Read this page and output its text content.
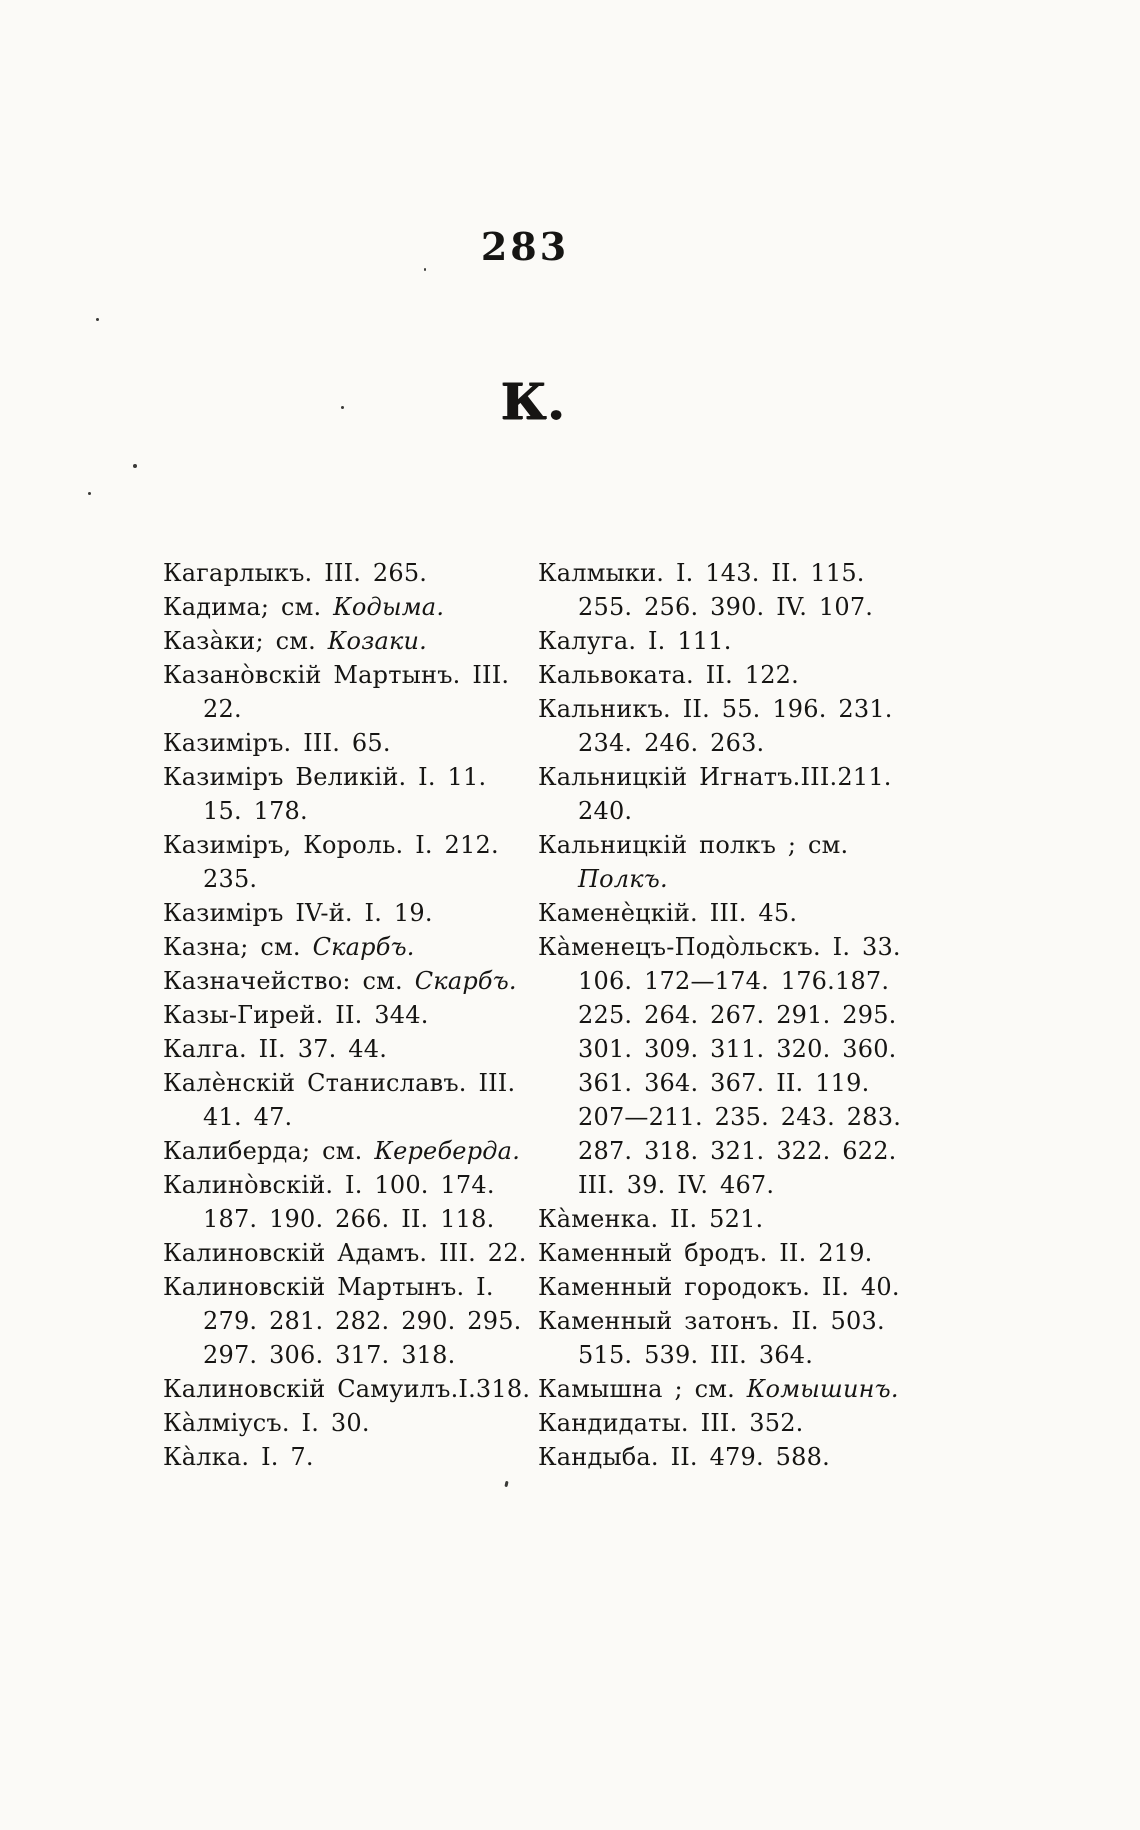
283
К.
Кагарлыкъ. III. 265.
Кадима; см. Кодыма.
Каза̀ки; см. Козаки.
Казано̀вскій Мартынъ. III.
22.
Казиміръ. III. 65.
Казиміръ Великій. I. 11.
15. 178.
Казиміръ, Король. I. 212.
235.
Казиміръ IV-й. I. 19.
Казна; см. Скарбъ.
Казначейство: см. Скарбъ.
Казы-Гирей. II. 344.
Калга. II. 37. 44.
Калѐнскій Станиславъ. III.
41. 47.
Калиберда; см. Кереберда.
Калино̀вскій. I. 100. 174.
187. 190. 266. II. 118.
Калиновскій Адамъ. III. 22.
Калиновскій Мартынъ. I.
279. 281. 282. 290. 295.
297. 306. 317. 318.
Калиновскій Самуилъ.I.318.
Ка̀лміусъ. I. 30.
Ка̀лка. I. 7.
Калмыки. I. 143. II. 115.
255. 256. 390. IV. 107.
Калуга. I. 111.
Кальвоката. II. 122.
Кальникъ. II. 55. 196. 231.
234. 246. 263.
Кальницкій Игнатъ.III.211.
240.
Кальницкій полкъ ; см.
Полкъ.
Каменѐцкій. III. 45.
Ка̀менецъ-Подо̀льскъ. I. 33.
106. 172—174. 176.187.
225. 264. 267. 291. 295.
301. 309. 311. 320. 360.
361. 364. 367. II. 119.
207—211. 235. 243. 283.
287. 318. 321. 322. 622.
III. 39. IV. 467.
Ка̀менка. II. 521.
Каменный бродъ. II. 219.
Каменный городокъ. II. 40.
Каменный затонъ. II. 503.
515. 539. III. 364.
Камышна ; см. Комышинъ.
Кандидаты. III. 352.
Кандыба. II. 479. 588.
